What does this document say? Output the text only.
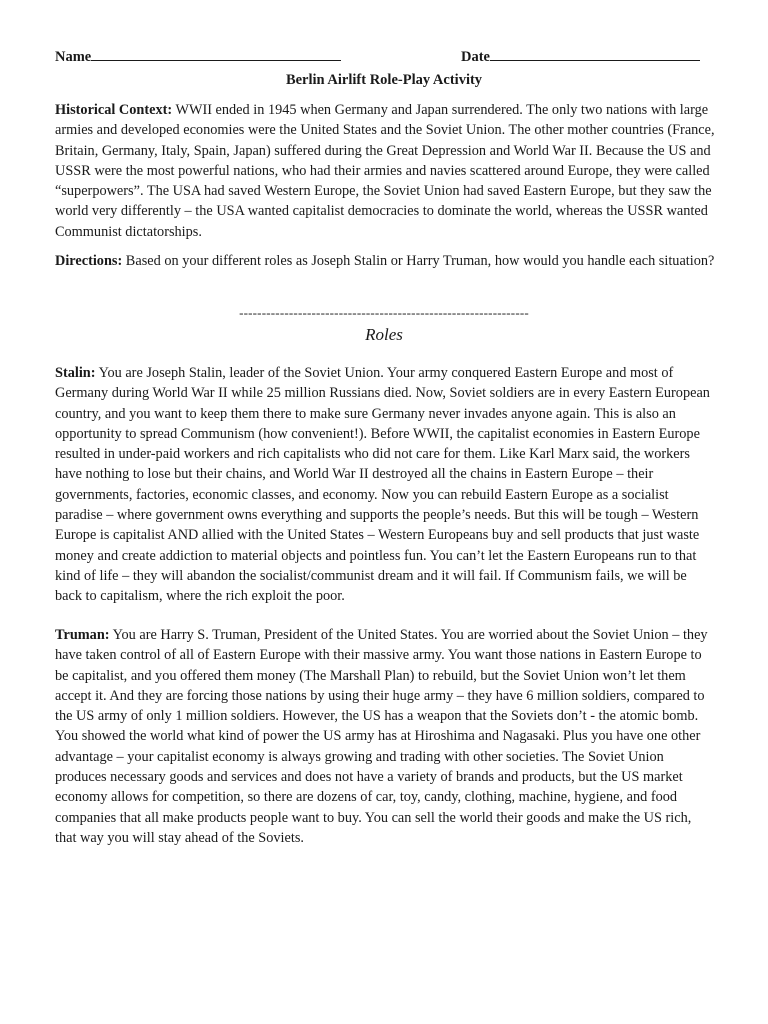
Name	Date
Berlin Airlift Role-Play Activity

Historical Context: WWII ended in 1945 when Germany and Japan surrendered. The only two nations with large armies and developed economies were the United States and the Soviet Union. The other mother countries (France, Britain, Germany, Italy, Spain, Japan) suffered during the Great Depression and World War II. Because the US and USSR were the most powerful nations, who had their armies and navies scattered around Europe, they were called “superpowers”. The USA had saved Western Europe, the Soviet Union had saved Eastern Europe, but they saw the world very differently – the USA wanted capitalist democracies to dominate the world, whereas the USSR wanted Communist dictatorships.

Directions: Based on your different roles as Joseph Stalin or Harry Truman, how would you handle each situation?

----------------------------------------------------------------
Roles

Stalin: You are Joseph Stalin, leader of the Soviet Union. Your army conquered Eastern Europe and most of Germany during World War II while 25 million Russians died. Now, Soviet soldiers are in every Eastern European country, and you want to keep them there to make sure Germany never invades anyone again. This is also an opportunity to spread Communism (how convenient!). Before WWII, the capitalist economies in Eastern Europe resulted in under-paid workers and rich capitalists who did not care for them. Like Karl Marx said, the workers have nothing to lose but their chains, and World War II destroyed all the chains in Eastern Europe – their governments, factories, economic classes, and economy. Now you can rebuild Eastern Europe as a socialist paradise – where government owns everything and supports the people’s needs. But this will be tough – Western Europe is capitalist AND allied with the United States – Western Europeans buy and sell products that just waste money and create addiction to material objects and pointless fun. You can’t let the Eastern Europeans run to that kind of life – they will abandon the socialist/communist dream and it will fail. If Communism fails, we will be back to capitalism, where the rich exploit the poor.

Truman: You are Harry S. Truman, President of the United States. You are worried about the Soviet Union – they have taken control of all of Eastern Europe with their massive army. You want those nations in Eastern Europe to be capitalist, and you offered them money (The Marshall Plan) to rebuild, but the Soviet Union won’t let them accept it. And they are forcing those nations by using their huge army – they have 6 million soldiers, compared to the US army of only 1 million soldiers. However, the US has a weapon that the Soviets don’t - the atomic bomb. You showed the world what kind of power the US army has at Hiroshima and Nagasaki. Plus you have one other advantage – your capitalist economy is always growing and trading with other societies. The Soviet Union produces necessary goods and services and does not have a variety of brands and products, but the US market economy allows for competition, so there are dozens of car, toy, candy, clothing, machine, hygiene, and food companies that all make products people want to buy. You can sell the world their goods and make the US rich, that way you will stay ahead of the Soviets.
